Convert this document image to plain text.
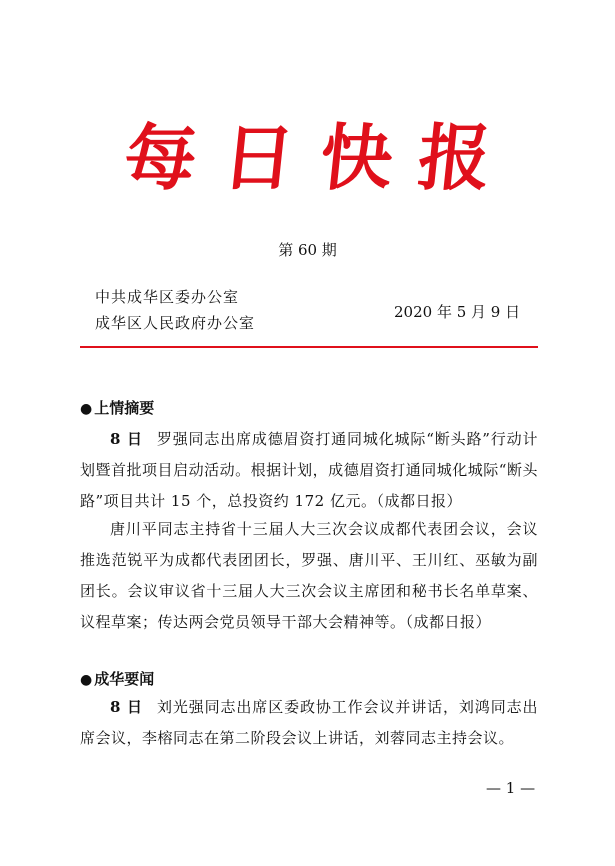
每日快报
第 60 期
中共成华区委办公室
成华区人民政府办公室
2020 年 5 月 9 日
● 上情摘要

8 日 罗强同志出席成德眉资打通同城化城际“断头路”行动计划暨首批项目启动活动。根据计划，成德眉资打通同城化城际“断头路”项目共计 15 个，总投资约 172 亿元。（成都日报）

唐川平同志主持省十三届人大三次会议成都代表团会议，会议推选范锐平为成都代表团团长，罗强、唐川平、王川红、巫敏为副团长。会议审议省十三届人大三次会议主席团和秘书长名单草案、议程草案；传达两会党员领导干部大会精神等。（成都日报）

● 成华要闻

8 日 刘光强同志出席区委政协工作会议并讲话，刘鸿同志出席会议，李榕同志在第二阶段会议上讲话，刘蓉同志主持会议。

— 1 —
